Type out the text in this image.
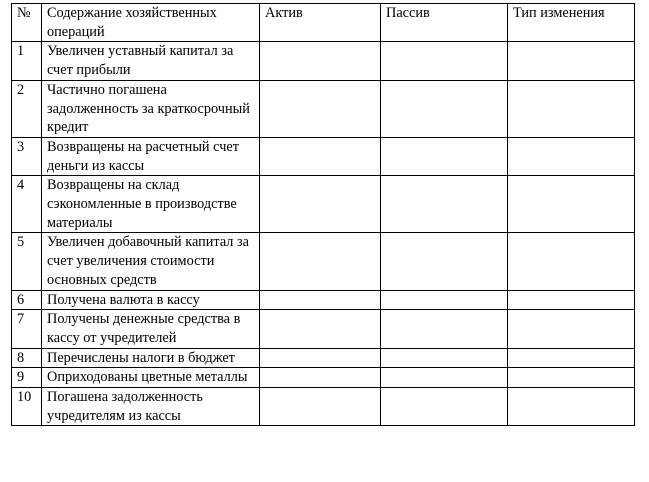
№	Содержание хозяйственных операций	Актив	Пассив	Тип изменения
1	Увеличен уставный капитал за счет прибыли			
2	Частично погашена задолженность за краткосрочный кредит			
3	Возвращены на расчетный счет деньги из кассы			
4	Возвращены на склад сэкономленные в производстве материалы			
5	Увеличен добавочный капитал за счет увеличения стоимости основных средств			
6	Получена валюта в кассу			
7	Получены денежные средства в кассу от учредителей			
8	Перечислены налоги в бюджет			
9	Оприходованы цветные металлы			
10	Погашена задолженность учредителям из кассы			
